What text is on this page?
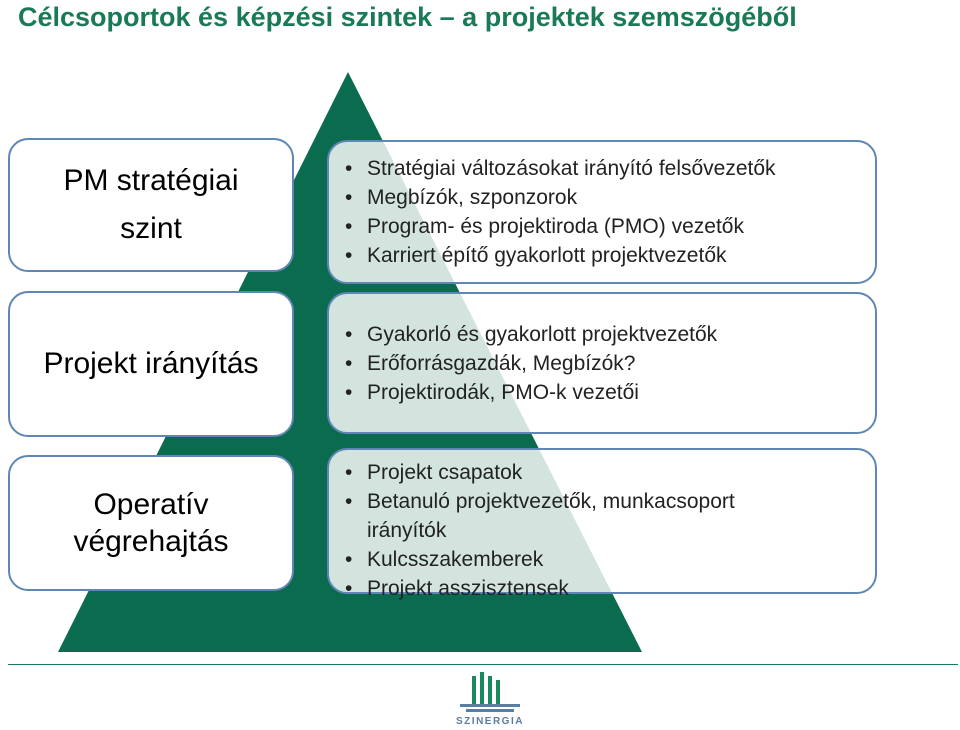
Célcsoportok és képzési szintek – a projektek szemszögéből
PM stratégiai szint
Projekt irányítás
Operatív végrehajtás
• Stratégiai változásokat irányító felsővezetők
• Megbízók, szponzorok
• Program- és projektiroda (PMO) vezetők
• Karriert építő gyakorlott projektvezetők
• Gyakorló és gyakorlott projektvezetők
• Erőforrásgazdák, Megbízók?
• Projektirodák, PMO-k vezetői
• Projekt csapatok
• Betanuló projektvezetők, munkacsoport irányítók
• Kulcsszakemberek
• Projekt asszisztensek
SZINERGIA
